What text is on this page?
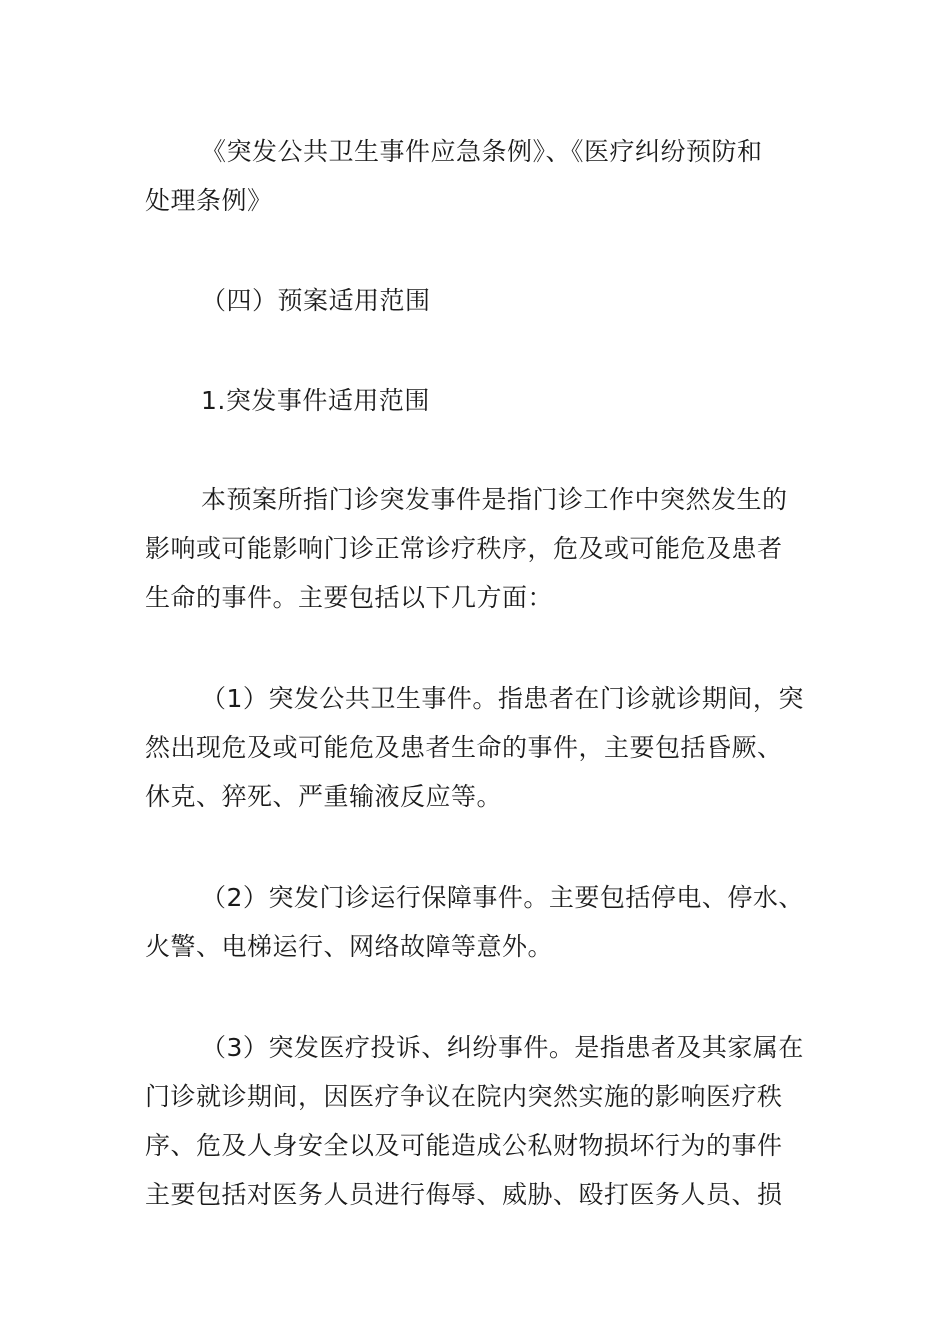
《突发公共卫生事件应急条例》、《医疗纠纷预防和
处理条例》
（四）预案适用范围
1.突发事件适用范围
本预案所指门诊突发事件是指门诊工作中突然发生的
影响或可能影响门诊正常诊疗秩序，危及或可能危及患者
生命的事件。主要包括以下几方面：
（1）突发公共卫生事件。指患者在门诊就诊期间，突
然出现危及或可能危及患者生命的事件，主要包括昏厥、
休克、猝死、严重输液反应等。
（2）突发门诊运行保障事件。主要包括停电、停水、
火警、电梯运行、网络故障等意外。
（3）突发医疗投诉、纠纷事件。是指患者及其家属在
门诊就诊期间，因医疗争议在院内突然实施的影响医疗秩
序、危及人身安全以及可能造成公私财物损坏行为的事件
主要包括对医务人员进行侮辱、威胁、殴打医务人员、损
